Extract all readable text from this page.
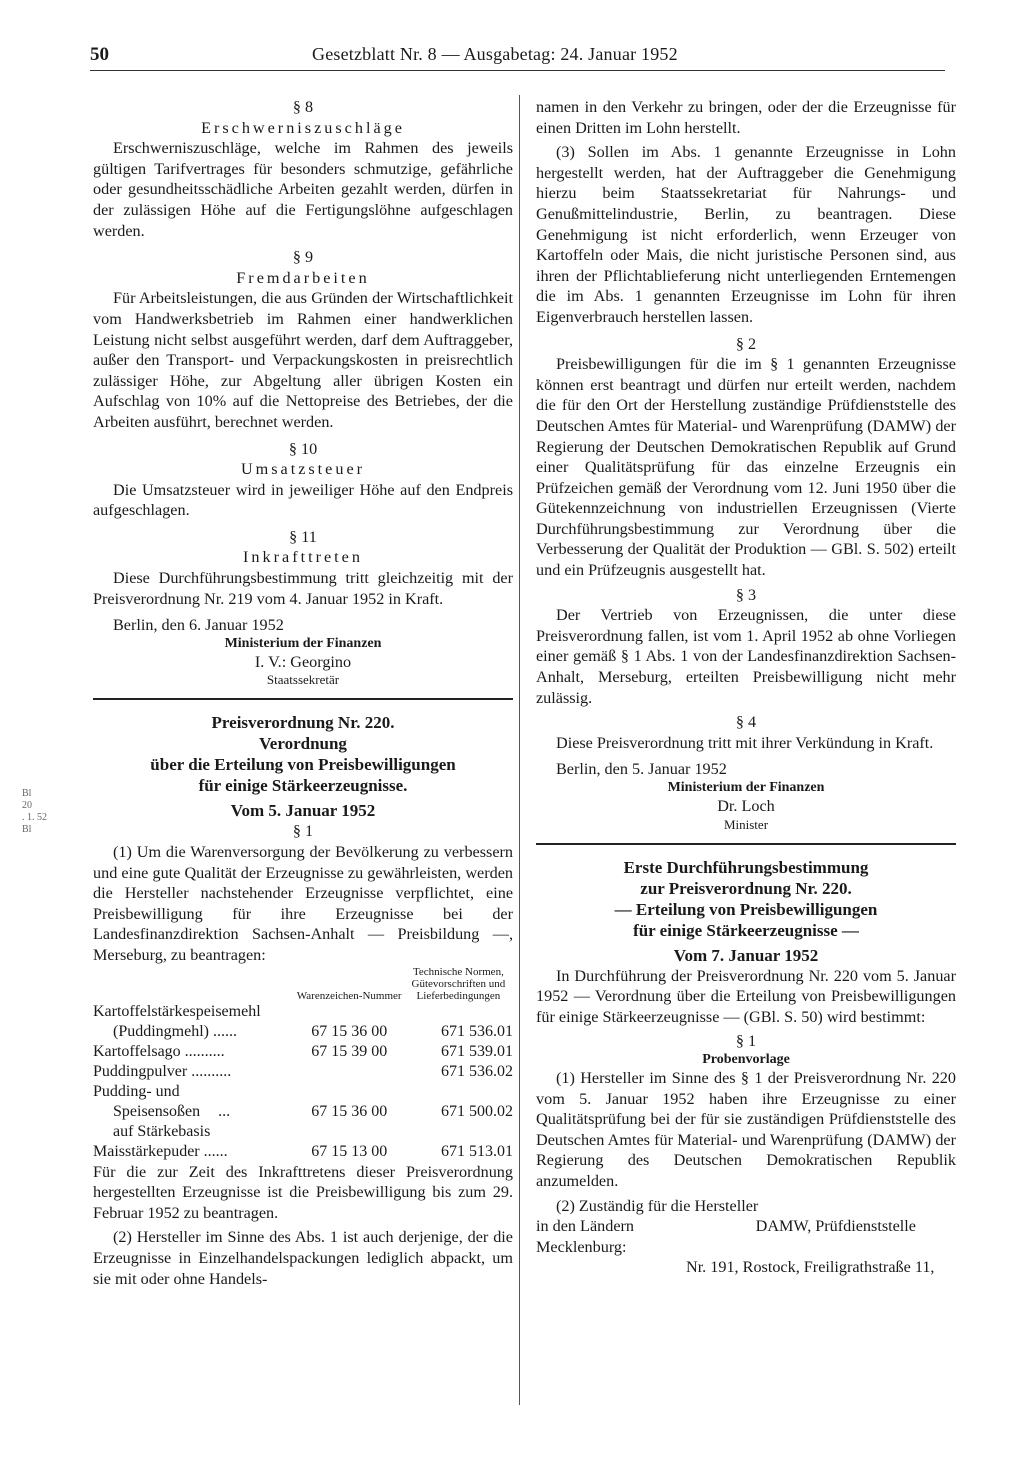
50	Gesetzblatt Nr. 8 — Ausgabetag: 24. Januar 1952
Bl
20
. 1. 52
Bl

§ 8

Erschwerniszuschläge

Erschwerniszuschläge, welche im Rahmen des jeweils gültigen Tarifvertrages für besonders schmutzige, gefährliche oder gesundheitsschädliche Arbeiten gezahlt werden, dürfen in der zulässigen Höhe auf die Fertigungslöhne aufgeschlagen werden.

§ 9

Fremdarbeiten

Für Arbeitsleistungen, die aus Gründen der Wirtschaftlichkeit vom Handwerksbetrieb im Rahmen einer handwerklichen Leistung nicht selbst ausgeführt werden, darf dem Auftraggeber, außer den Transport- und Verpackungskosten in preisrechtlich zulässiger Höhe, zur Abgeltung aller übrigen Kosten ein Aufschlag von 10% auf die Nettopreise des Betriebes, der die Arbeiten ausführt, berechnet werden.

§ 10

Umsatzsteuer

Die Umsatzsteuer wird in jeweiliger Höhe auf den Endpreis aufgeschlagen.

§ 11

Inkrafttreten

Diese Durchführungsbestimmung tritt gleichzeitig mit der Preisverordnung Nr. 219 vom 4. Januar 1952 in Kraft.

Berlin, den 6. Januar 1952

Ministerium der Finanzen

I. V.: Georgino

Staatssekretär

Preisverordnung Nr. 220.

Verordnung

über die Erteilung von Preisbewilligungen

für einige Stärkeerzeugnisse.

Vom 5. Januar 1952

§ 1

(1) Um die Warenversorgung der Bevölkerung zu verbessern und eine gute Qualität der Erzeugnisse zu gewährleisten, werden die Hersteller nachstehender Erzeugnisse verpflichtet, eine Preisbewilligung für ihre Erzeugnisse bei der Landesfinanzdirektion Sachsen-Anhalt — Preisbildung —, Merseburg, zu beantragen:

	Warenzeichen-Nummer	Technische Normen, Gütevorschriften und Lieferbedingungen
Kartoffelstärkespeisemehl		
(Puddingmehl) ......	67 15 36 00	671 536.01
Kartoffelsago ..........	67 15 39 00	671 539.01
Puddingpulver ..........		671 536.02
Pudding- und		
Speisensoßen ...	67 15 36 00	671 500.02
auf Stärkebasis		
Maisstärkepuder ......	67 15 13 00	671 513.01

Für die zur Zeit des Inkrafttretens dieser Preisverordnung hergestellten Erzeugnisse ist die Preisbewilligung bis zum 29. Februar 1952 zu beantragen.

(2) Hersteller im Sinne des Abs. 1 ist auch derjenige, der die Erzeugnisse in Einzelhandelspackungen lediglich abpackt, um sie mit oder ohne Handels-

namen in den Verkehr zu bringen, oder der die Erzeugnisse für einen Dritten im Lohn herstellt.

(3) Sollen im Abs. 1 genannte Erzeugnisse in Lohn hergestellt werden, hat der Auftraggeber die Genehmigung hierzu beim Staatssekretariat für Nahrungs- und Genußmittelindustrie, Berlin, zu beantragen. Diese Genehmigung ist nicht erforderlich, wenn Erzeuger von Kartoffeln oder Mais, die nicht juristische Personen sind, aus ihren der Pflichtablieferung nicht unterliegenden Erntemengen die im Abs. 1 genannten Erzeugnisse im Lohn für ihren Eigenverbrauch herstellen lassen.

§ 2

Preisbewilligungen für die im § 1 genannten Erzeugnisse können erst beantragt und dürfen nur erteilt werden, nachdem die für den Ort der Herstellung zuständige Prüfdienststelle des Deutschen Amtes für Material- und Warenprüfung (DAMW) der Regierung der Deutschen Demokratischen Republik auf Grund einer Qualitätsprüfung für das einzelne Erzeugnis ein Prüfzeichen gemäß der Verordnung vom 12. Juni 1950 über die Gütekennzeichnung von industriellen Erzeugnissen (Vierte Durchführungsbestimmung zur Verordnung über die Verbesserung der Qualität der Produktion — GBl. S. 502) erteilt und ein Prüfzeugnis ausgestellt hat.

§ 3

Der Vertrieb von Erzeugnissen, die unter diese Preisverordnung fallen, ist vom 1. April 1952 ab ohne Vorliegen einer gemäß § 1 Abs. 1 von der Landesfinanzdirektion Sachsen-Anhalt, Merseburg, erteilten Preisbewilligung nicht mehr zulässig.

§ 4

Diese Preisverordnung tritt mit ihrer Verkündung in Kraft.

Berlin, den 5. Januar 1952

Ministerium der Finanzen

Dr. Loch

Minister

Erste Durchführungsbestimmung

zur Preisverordnung Nr. 220.

— Erteilung von Preisbewilligungen

für einige Stärkeerzeugnisse —

Vom 7. Januar 1952

In Durchführung der Preisverordnung Nr. 220 vom 5. Januar 1952 — Verordnung über die Erteilung von Preisbewilligungen für einige Stärkeerzeugnisse — (GBl. S. 50) wird bestimmt:

§ 1

Probenvorlage

(1) Hersteller im Sinne des § 1 der Preisverordnung Nr. 220 vom 5. Januar 1952 haben ihre Erzeugnisse zu einer Qualitätsprüfung bei der für sie zuständigen Prüfdienststelle des Deutschen Amtes für Material- und Warenprüfung (DAMW) der Regierung des Deutschen Demokratischen Republik anzumelden.

(2) Zuständig für die Hersteller

in den Ländern	DAMW, Prüfdienststelle

Mecklenburg:

Nr. 191, Rostock, Freiligrathstraße 11,
